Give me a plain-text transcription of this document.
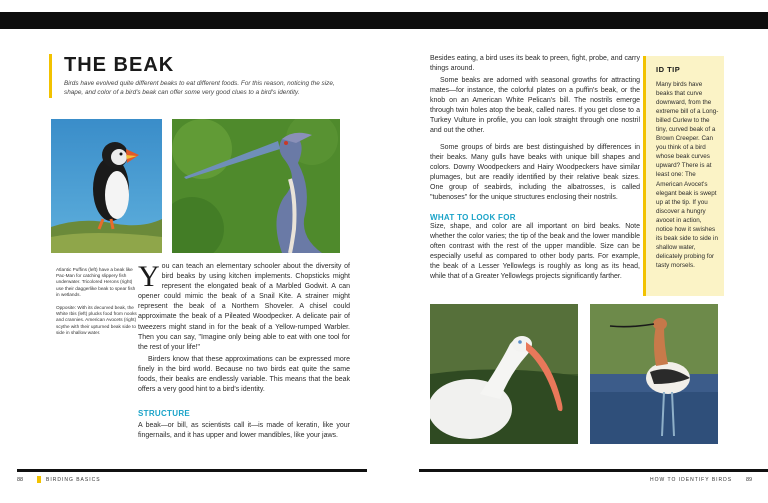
THE BEAK

Birds have evolved quite different beaks to eat different foods. For this reason, noticing the size, shape, and color of a bird's beak can offer some very good clues to a bird's identity.

Atlantic Puffins (left) have a beak like Pac-Man for catching slippery fish underwater. Tricolored Herons (right) use their daggerlike beak to spear fish in wetlands.

Opposite: With its decurved beak, the White Ibis (left) plucks food from nooks and crannies. American Avocets (right) scythe with their upturned beak side to side in shallow water.

You can teach an elementary schooler about the diversity of bird beaks by using kitchen implements. Chopsticks might represent the elongated beak of a Marbled Godwit. A can opener could mimic the beak of a Snail Kite. A strainer might represent the beak of a Northern Shoveler. A chisel could approximate the beak of a Pileated Woodpecker. A delicate pair of tweezers might stand in for the beak of a Yellow-rumped Warbler. Then you can say, "Imagine only being able to eat with one tool for the rest of your life!"

Birders know that these approximations can be expressed more finely in the bird world. Because no two birds eat quite the same foods, their beaks are endlessly variable. This means that the beak offers a very good hint to a bird's identity.

STRUCTURE

A beak—or bill, as scientists call it—is made of keratin, like your fingernails, and it has upper and lower mandibles, like your jaws.

Besides eating, a bird uses its beak to preen, fight, probe, and carry things around.

Some beaks are adorned with seasonal growths for attracting mates—for instance, the colorful plates on a puffin's beak, or the knob on an American White Pelican's bill. The nostrils emerge through twin holes atop the beak, called nares. If you get close to a Turkey Vulture in profile, you can look straight through one nostril and out the other.

Some groups of birds are best distinguished by differences in their beaks. Many gulls have beaks with unique bill shapes and colors. Downy Woodpeckers and Hairy Woodpeckers have similar plumages, but are readily identified by their relative beak sizes. One group of seabirds, including the albatrosses, is called "tubenoses" for the unique structures enclosing their nostrils.

WHAT TO LOOK FOR

Size, shape, and color are all important on bird beaks. Note whether the color varies; the tip of the beak and the lower mandible often contrast with the rest of the upper mandible. Size can be especially useful as compared to other body parts. For example, the beak of a Lesser Yellowlegs is roughly as long as its head, while that of a Greater Yellowlegs projects significantly farther.

ID TIP

Many birds have beaks that curve downward, from the extreme bill of a Long-billed Curlew to the tiny, curved beak of a Brown Creeper. Can you think of a bird whose beak curves upward? There is at least one: The American Avocet's elegant beak is swept up at the tip. If you discover a hungry avocet in action, notice how it swishes its beak side to side in shallow water, delicately probing for tasty morsels.

88	BIRDING BASICS	HOW TO IDENTIFY BIRDS	89
